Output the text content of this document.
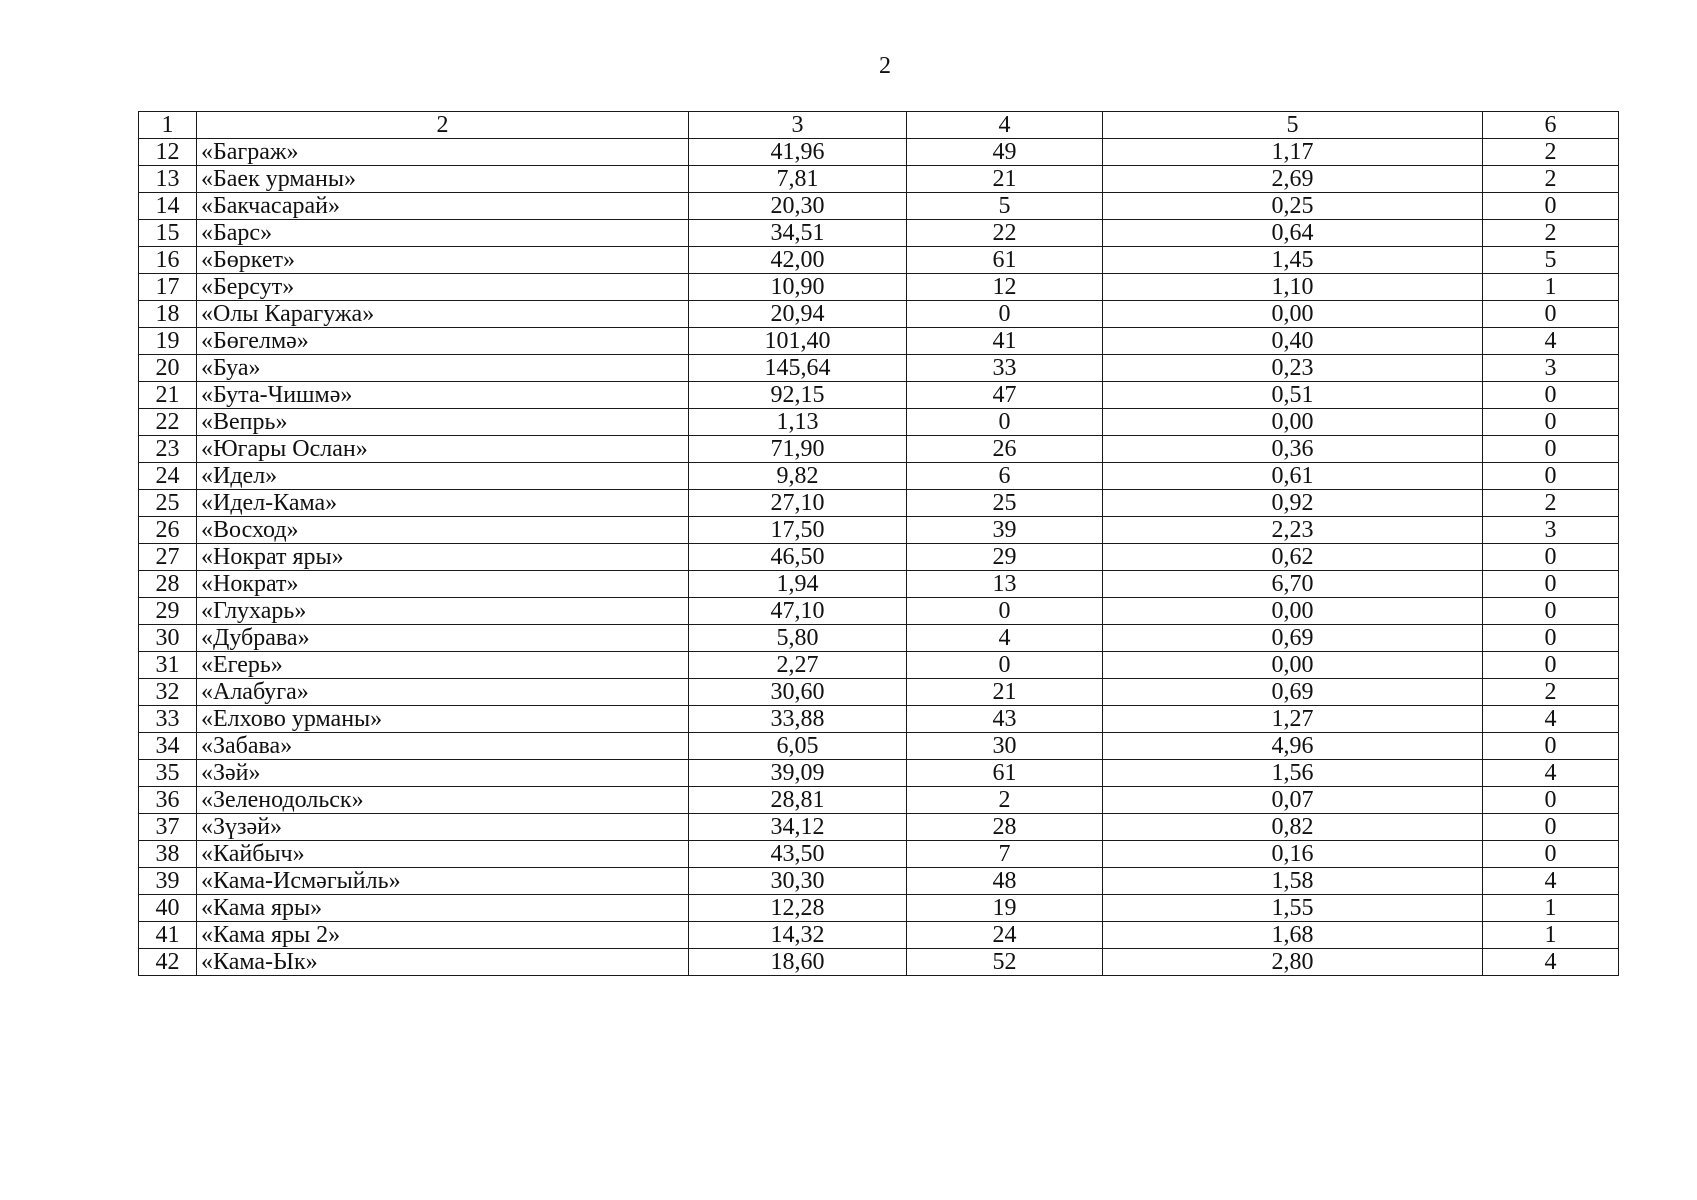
2
1	2	3	4	5	6
12	«Баграж»	41,96	49	1,17	2
13	«Баек урманы»	7,81	21	2,69	2
14	«Бакчасарай»	20,30	5	0,25	0
15	«Барс»	34,51	22	0,64	2
16	«Бөркет»	42,00	61	1,45	5
17	«Берсут»	10,90	12	1,10	1
18	«Олы Карагужа»	20,94	0	0,00	0
19	«Бөгелмә»	101,40	41	0,40	4
20	«Буа»	145,64	33	0,23	3
21	«Бута-Чишмә»	92,15	47	0,51	0
22	«Вепрь»	1,13	0	0,00	0
23	«Югары Ослан»	71,90	26	0,36	0
24	«Идел»	9,82	6	0,61	0
25	«Идел-Кама»	27,10	25	0,92	2
26	«Восход»	17,50	39	2,23	3
27	«Нократ яры»	46,50	29	0,62	0
28	«Нократ»	1,94	13	6,70	0
29	«Глухарь»	47,10	0	0,00	0
30	«Дубрава»	5,80	4	0,69	0
31	«Егерь»	2,27	0	0,00	0
32	«Алабуга»	30,60	21	0,69	2
33	«Елхово урманы»	33,88	43	1,27	4
34	«Забава»	6,05	30	4,96	0
35	«Зәй»	39,09	61	1,56	4
36	«Зеленодольск»	28,81	2	0,07	0
37	«Зүзәй»	34,12	28	0,82	0
38	«Кайбыч»	43,50	7	0,16	0
39	«Кама-Исмәгыйль»	30,30	48	1,58	4
40	«Кама яры»	12,28	19	1,55	1
41	«Кама яры 2»	14,32	24	1,68	1
42	«Кама-Ык»	18,60	52	2,80	4
